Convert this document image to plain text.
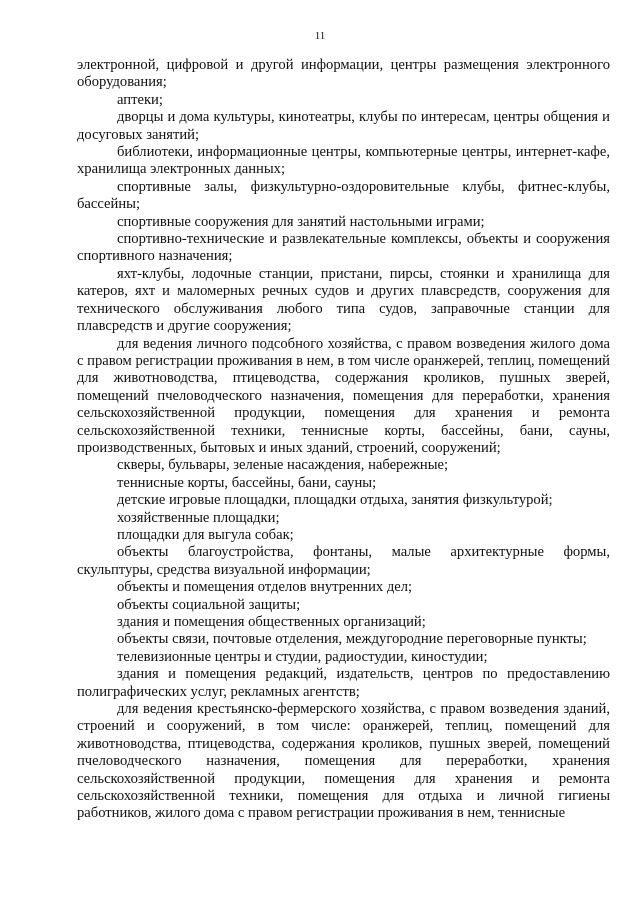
11

электронной, цифровой и другой информации, центры размещения электронного оборудования;

аптеки;

дворцы и дома культуры, кинотеатры, клубы по интересам, центры общения и досуговых занятий;

библиотеки, информационные центры, компьютерные центры, интернет-кафе, хранилища электронных данных;

спортивные залы, физкультурно-оздоровительные клубы, фитнес-клубы, бассейны;

спортивные сооружения для занятий настольными играми;

спортивно-технические и развлекательные комплексы, объекты и сооружения спортивного назначения;

яхт-клубы, лодочные станции, пристани, пирсы, стоянки и хранилища для катеров, яхт и маломерных речных судов и других плавсредств, сооружения для технического обслуживания любого типа судов, заправочные станции для плавсредств и другие сооружения;

для ведения личного подсобного хозяйства, с правом возведения жилого дома с правом регистрации проживания в нем, в том числе оранжерей, теплиц, помещений для животноводства, птицеводства, содержания кроликов, пушных зверей, помещений пчеловодческого назначения, помещения для переработки, хранения сельскохозяйственной продукции, помещения для хранения и ремонта сельскохозяйственной техники, теннисные корты, бассейны, бани, сауны, производственных, бытовых и иных зданий, строений, сооружений;

скверы, бульвары, зеленые насаждения, набережные;

теннисные корты, бассейны, бани, сауны;

детские игровые площадки, площадки отдыха, занятия физкультурой;

хозяйственные площадки;

площадки для выгула собак;

объекты благоустройства, фонтаны, малые архитектурные формы, скульптуры, средства визуальной информации;

объекты и помещения отделов внутренних дел;

объекты социальной защиты;

здания и помещения общественных организаций;

объекты связи, почтовые отделения, междугородние переговорные пункты;

телевизионные центры и студии, радиостудии, киностудии;

здания и помещения редакций, издательств, центров по предоставлению полиграфических услуг, рекламных агентств;

для ведения крестьянско-фермерского хозяйства, с правом возведения зданий, строений и сооружений, в том числе: оранжерей, теплиц, помещений для животноводства, птицеводства, содержания кроликов, пушных зверей, помещений пчеловодческого назначения, помещения для переработки, хранения сельскохозяйственной продукции, помещения для хранения и ремонта сельскохозяйственной техники, помещения для отдыха и личной гигиены работников, жилого дома с правом регистрации проживания в нем, теннисные
